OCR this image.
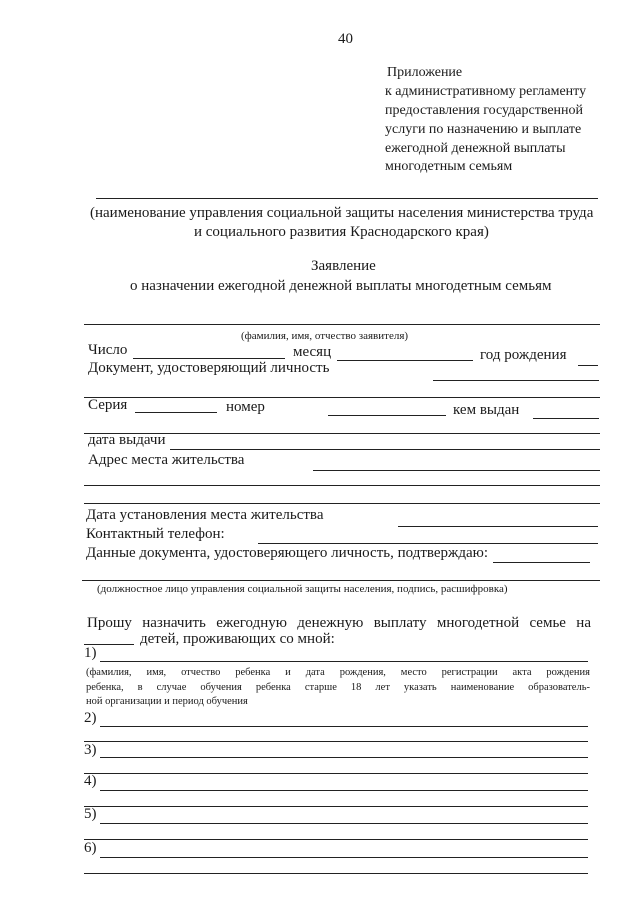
40
Приложение
к административному регламенту
предоставления государственной
услуги по назначению и выплате
ежегодной денежной выплаты
многодетным семьям
(наименование управления социальной защиты населения министерства труда
и социального развития Краснодарского края)
Заявление
о назначении ежегодной денежной выплаты многодетным семьям
(фамилия, имя, отчество заявителя)
Число	месяц	год рождения
Документ, удостоверяющий личность
Серия	номер	кем выдан
дата выдачи
Адрес места жительства
Дата установления места жительства
Контактный телефон:
Данные документа, удостоверяющего личность, подтверждаю:
(должностное лицо управления социальной защиты населения, подпись, расшифровка)
Прошу назначить ежегодную денежную выплату многодетной семье на
детей, проживающих со мной:
1)
(фамилия, имя, отчество ребенка и дата рождения, место регистрации акта рождения
ребенка, в случае обучения ребенка старше 18 лет указать наименование образователь-
ной организации и период обучения
2)
3)
4)
5)
6)
